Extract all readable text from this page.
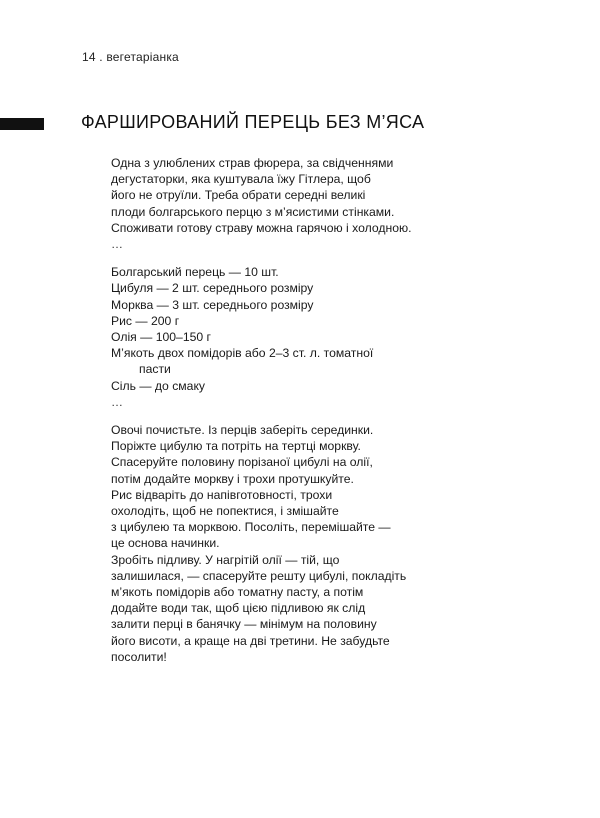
14 . вегетаріанка
ФАРШИРОВАНИЙ ПЕРЕЦЬ БЕЗ М’ЯСА

Одна з улюблених страв фюрера, за свідченнями
дегустаторки, яка куштувала їжу Гітлера, щоб
його не отруїли. Треба обрати середні великі
плоди болгарського перцю з м’ясистими стінками.
Споживати готову страву можна гарячою і холодною.

…

Болгарський перець — 10 шт.
Цибуля — 2 шт. середнього розміру
Морква — 3 шт. середнього розміру
Рис — 200 г
Олія — 100–150 г
М’якоть двох помідорів або 2–3 ст. л. томатної
пасти
Сіль — до смаку

…

Овочі почистьте. Із перців заберіть серединки.
Поріжте цибулю та потріть на тертці моркву.
Спасеруйте половину порізаної цибулі на олії,
потім додайте моркву і трохи протушкуйте.

Рис відваріть до напівготовності, трохи
охолодіть, щоб не попектися, і змішайте
з цибулею та морквою. Посоліть, перемішайте —
це основа начинки.

Зробіть підливу. У нагрітій олії — тій, що
залишилася, — спасеруйте решту цибулі, покладіть
м’якоть помідорів або томатну пасту, а потім
додайте води так, щоб цією підливою як слід
залити перці в банячку — мінімум на половину
його висоти, а краще на дві третини. Не забудьте
посолити!
